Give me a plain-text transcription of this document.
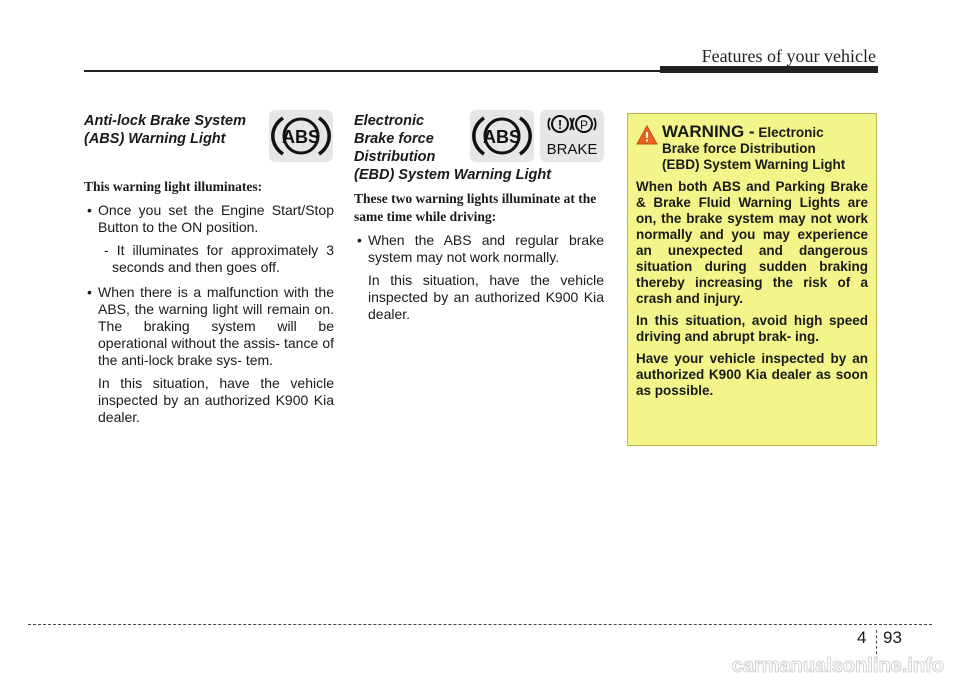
Features of your vehicle
Anti-lock Brake System
(ABS) Warning Light
This warning light illuminates:
• Once you set the Engine Start/Stop Button to the ON position.
- It illuminates for approximately 3 seconds and then goes off.
• When there is a malfunction with the ABS, the warning light will remain on. The braking system will be operational without the assis- tance of the anti-lock brake sys- tem.
In this situation, have the vehicle inspected by an authorized K900 Kia dealer.
ABS
Electronic
Brake force
Distribution
(EBD) System Warning Light
These two warning lights illuminate at the same time while driving:
• When the ABS and regular brake system may not work normally.
In this situation, have the vehicle inspected by an authorized K900 Kia dealer.
ABS
! P
BRAKE
WARNING - Electronic
Brake force Distribution
(EBD) System Warning Light
When both ABS and Parking Brake & Brake Fluid Warning Lights are on, the brake system may not work normally and you may experience an unexpected and dangerous situation during sudden braking thereby increasing the risk of a crash and injury.
In this situation, avoid high speed driving and abrupt brak- ing.
Have your vehicle inspected by an authorized K900 Kia dealer as soon as possible.
4 93
carmanualsonline.info
